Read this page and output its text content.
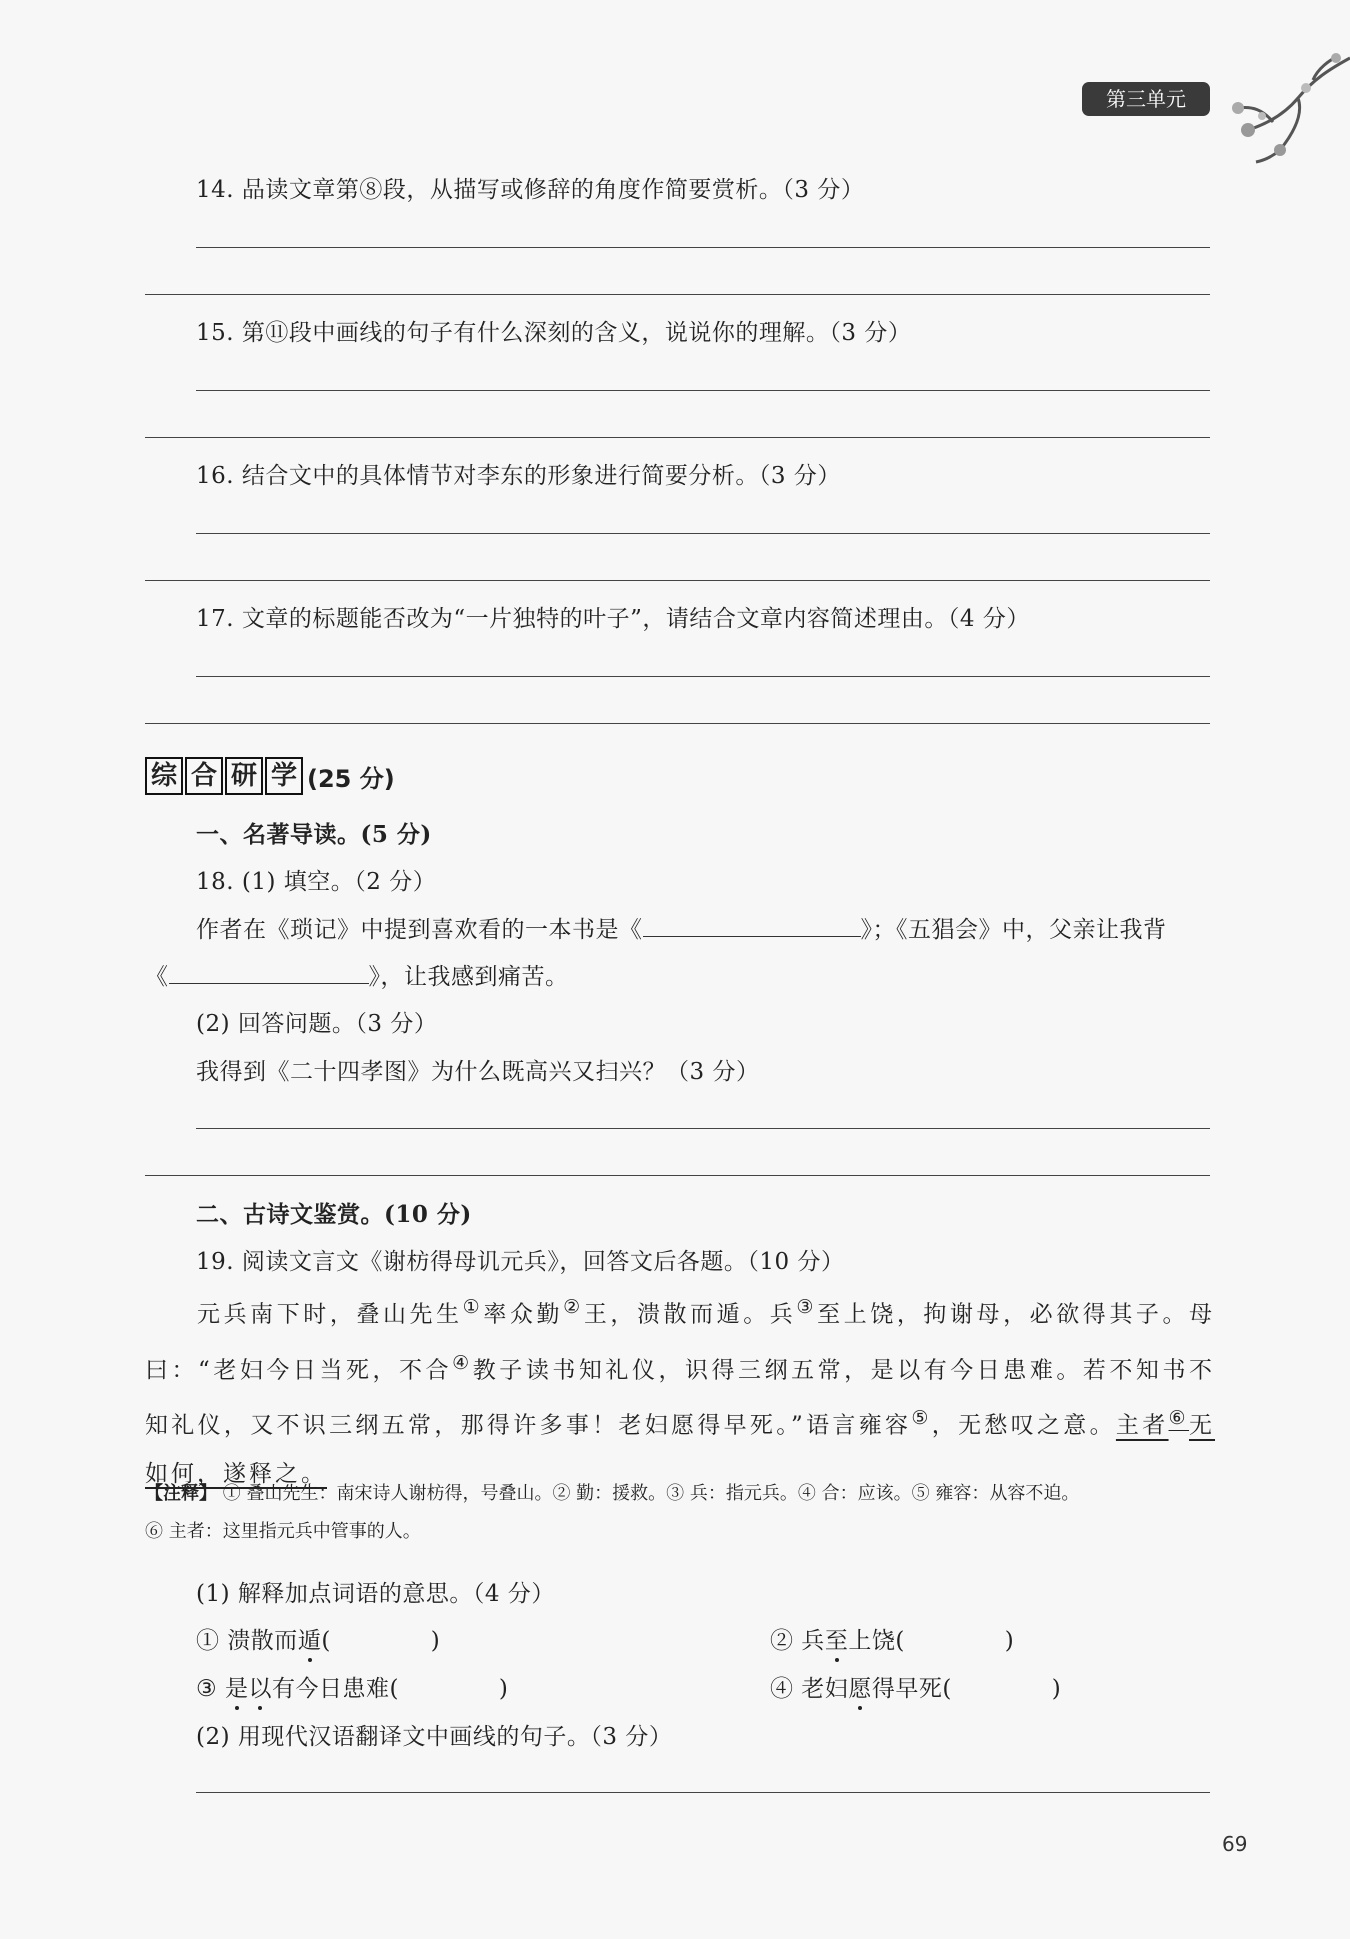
第三单元
14. 品读文章第⑧段，从描写或修辞的角度作简要赏析。（3 分）
15. 第⑪段中画线的句子有什么深刻的含义，说说你的理解。（3 分）
16. 结合文中的具体情节对李东的形象进行简要分析。（3 分）
17. 文章的标题能否改为“一片独特的叶子”，请结合文章内容简述理由。（4 分）
综 合 研 学 (25 分)
一、名著导读。(5 分)
18. (1) 填空。（2 分）
作者在《琐记》中提到喜欢看的一本书是《	》；《五猖会》中，父亲让我背
《	》，让我感到痛苦。
(2) 回答问题。（3 分）
我得到《二十四孝图》为什么既高兴又扫兴？（3 分）
二、古诗文鉴赏。(10 分)
19. 阅读文言文《谢枋得母讥元兵》，回答文后各题。（10 分）

元兵南下时，叠山先生①率众勤②王，溃散而遁。兵③至上饶，拘谢母，必欲得其子。母曰：“老妇今日当死，不合④教子读书知礼仪，识得三纲五常，是以有今日患难。若不知书不知礼仪，又不识三纲五常，那得许多事！老妇愿得早死。”语言雍容⑤，无愁叹之意。主者⑥无如何，遂释之。

【注释】 ① 叠山先生：南宋诗人谢枋得，号叠山。② 勤：援救。③ 兵：指元兵。④ 合：应该。⑤ 雍容：从容不迫。
⑥ 主者：这里指元兵中管事的人。
(1) 解释加点词语的意思。（4 分）
① 溃散而遁(	)	② 兵至上饶(	)
③ 是以有今日患难(	)	④ 老妇愿得早死(	)
(2) 用现代汉语翻译文中画线的句子。（3 分）
69
